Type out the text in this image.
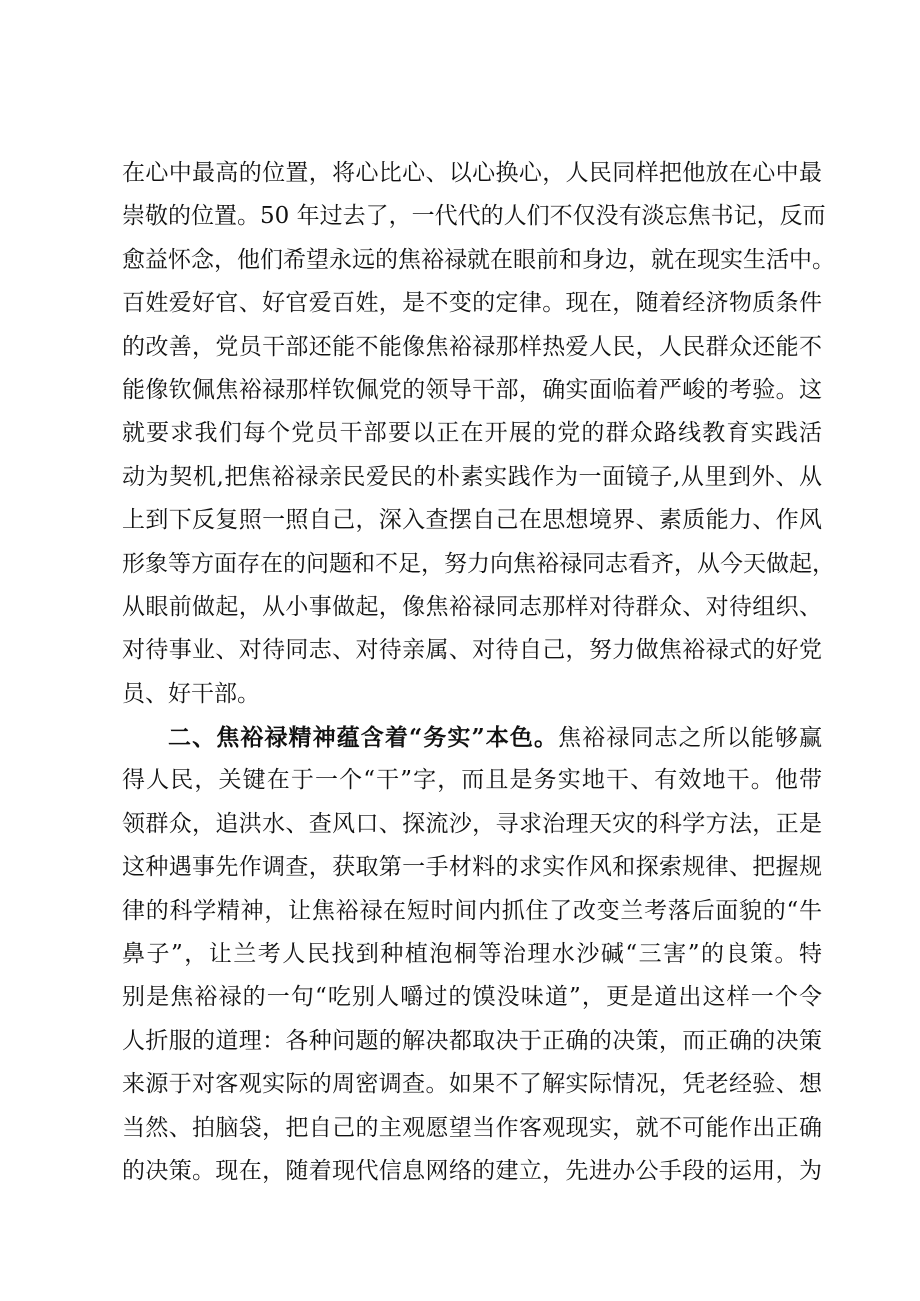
在心中最高的位置，将心比心、以心换心，人民同样把他放在心中最
崇敬的位置。50 年过去了，一代代的人们不仅没有淡忘焦书记，反而
愈益怀念，他们希望永远的焦裕禄就在眼前和身边，就在现实生活中。
百姓爱好官、好官爱百姓，是不变的定律。现在，随着经济物质条件
的改善，党员干部还能不能像焦裕禄那样热爱人民，人民群众还能不
能像钦佩焦裕禄那样钦佩党的领导干部，确实面临着严峻的考验。这
就要求我们每个党员干部要以正在开展的党的群众路线教育实践活
动为契机,把焦裕禄亲民爱民的朴素实践作为一面镜子,从里到外、从
上到下反复照一照自己，深入查摆自己在思想境界、素质能力、作风
形象等方面存在的问题和不足，努力向焦裕禄同志看齐，从今天做起，
从眼前做起，从小事做起，像焦裕禄同志那样对待群众、对待组织、
对待事业、对待同志、对待亲属、对待自己，努力做焦裕禄式的好党
员、好干部。
二、焦裕禄精神蕴含着“务实”本色。焦裕禄同志之所以能够赢
得人民，关键在于一个“干”字，而且是务实地干、有效地干。他带
领群众，追洪水、查风口、探流沙，寻求治理天灾的科学方法，正是
这种遇事先作调查，获取第一手材料的求实作风和探索规律、把握规
律的科学精神，让焦裕禄在短时间内抓住了改变兰考落后面貌的“牛
鼻子”，让兰考人民找到种植泡桐等治理水沙碱“三害”的良策。特
别是焦裕禄的一句“吃别人嚼过的馍没味道”，更是道出这样一个令
人折服的道理：各种问题的解决都取决于正确的决策，而正确的决策
来源于对客观实际的周密调查。如果不了解实际情况，凭老经验、想
当然、拍脑袋，把自己的主观愿望当作客观现实，就不可能作出正确
的决策。现在，随着现代信息网络的建立，先进办公手段的运用，为
